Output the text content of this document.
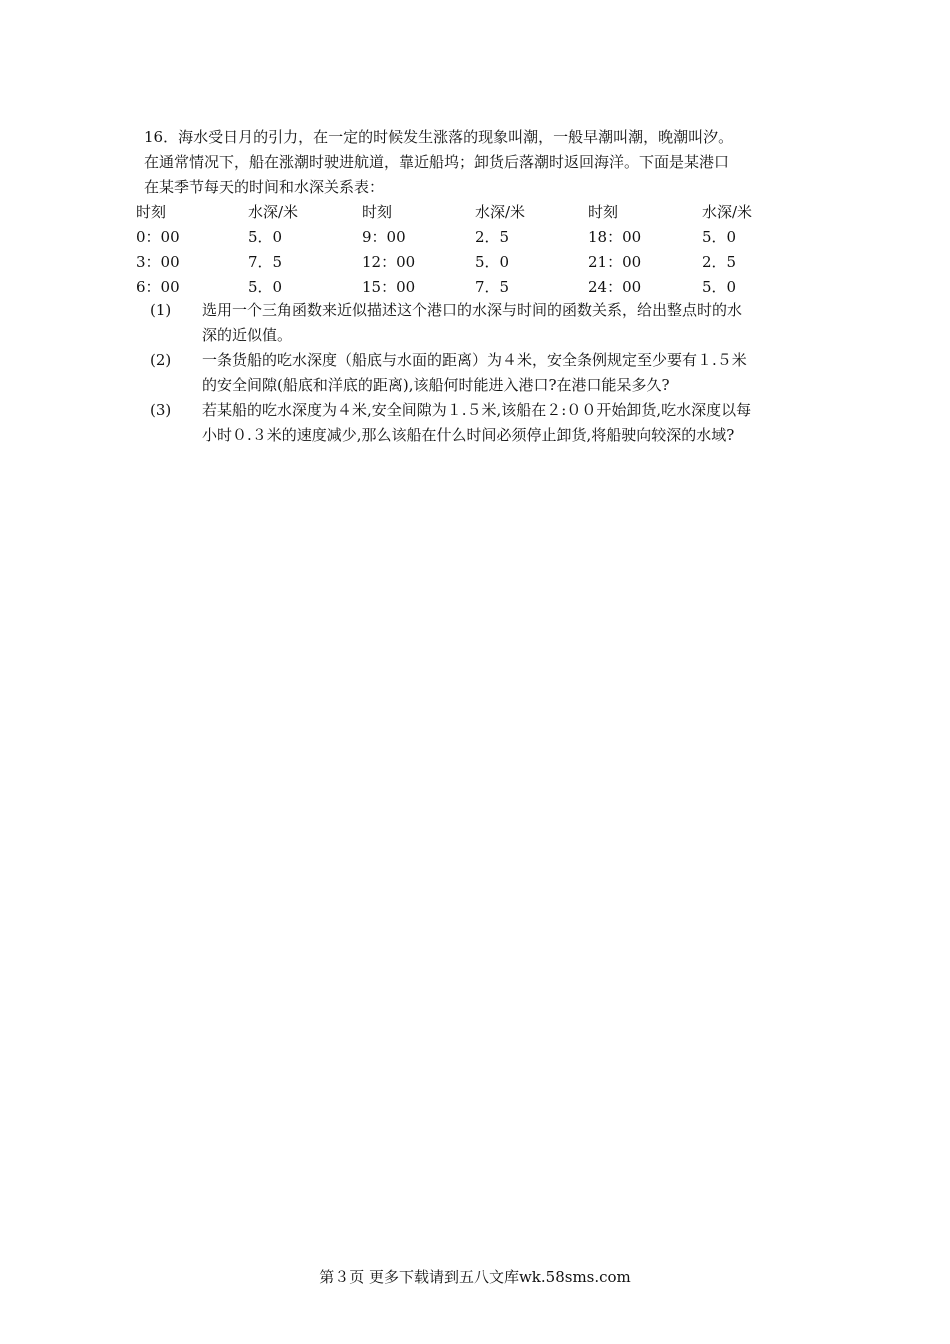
16．海水受日月的引力，在一定的时候发生涨落的现象叫潮，一般早潮叫潮，晚潮叫汐。
在通常情况下，船在涨潮时驶进航道，靠近船坞；卸货后落潮时返回海洋。下面是某港口
在某季节每天的时间和水深关系表：
时刻	水深/米	时刻	水深/米	时刻	水深/米
0：00	5．0	9：00	2．5	18：00	5．0
3：00	7．5	12：00	5．0	21：00	2．5
6：00	5．0	15：00	7．5	24：00	5．0
(1) 选用一个三角函数来近似描述这个港口的水深与时间的函数关系，给出整点时的水
深的近似值。
(2) 一条货船的吃水深度（船底与水面的距离）为４米，安全条例规定至少要有１.５米
的安全间隙(船底和洋底的距离),该船何时能进入港口?在港口能呆多久?
(3) 若某船的吃水深度为４米,安全间隙为１.５米,该船在２:００开始卸货,吃水深度以每
小时０.３米的速度减少,那么该船在什么时间必须停止卸货,将船驶向较深的水域?
第３页 更多下载请到五八文库wk.58sms.com
